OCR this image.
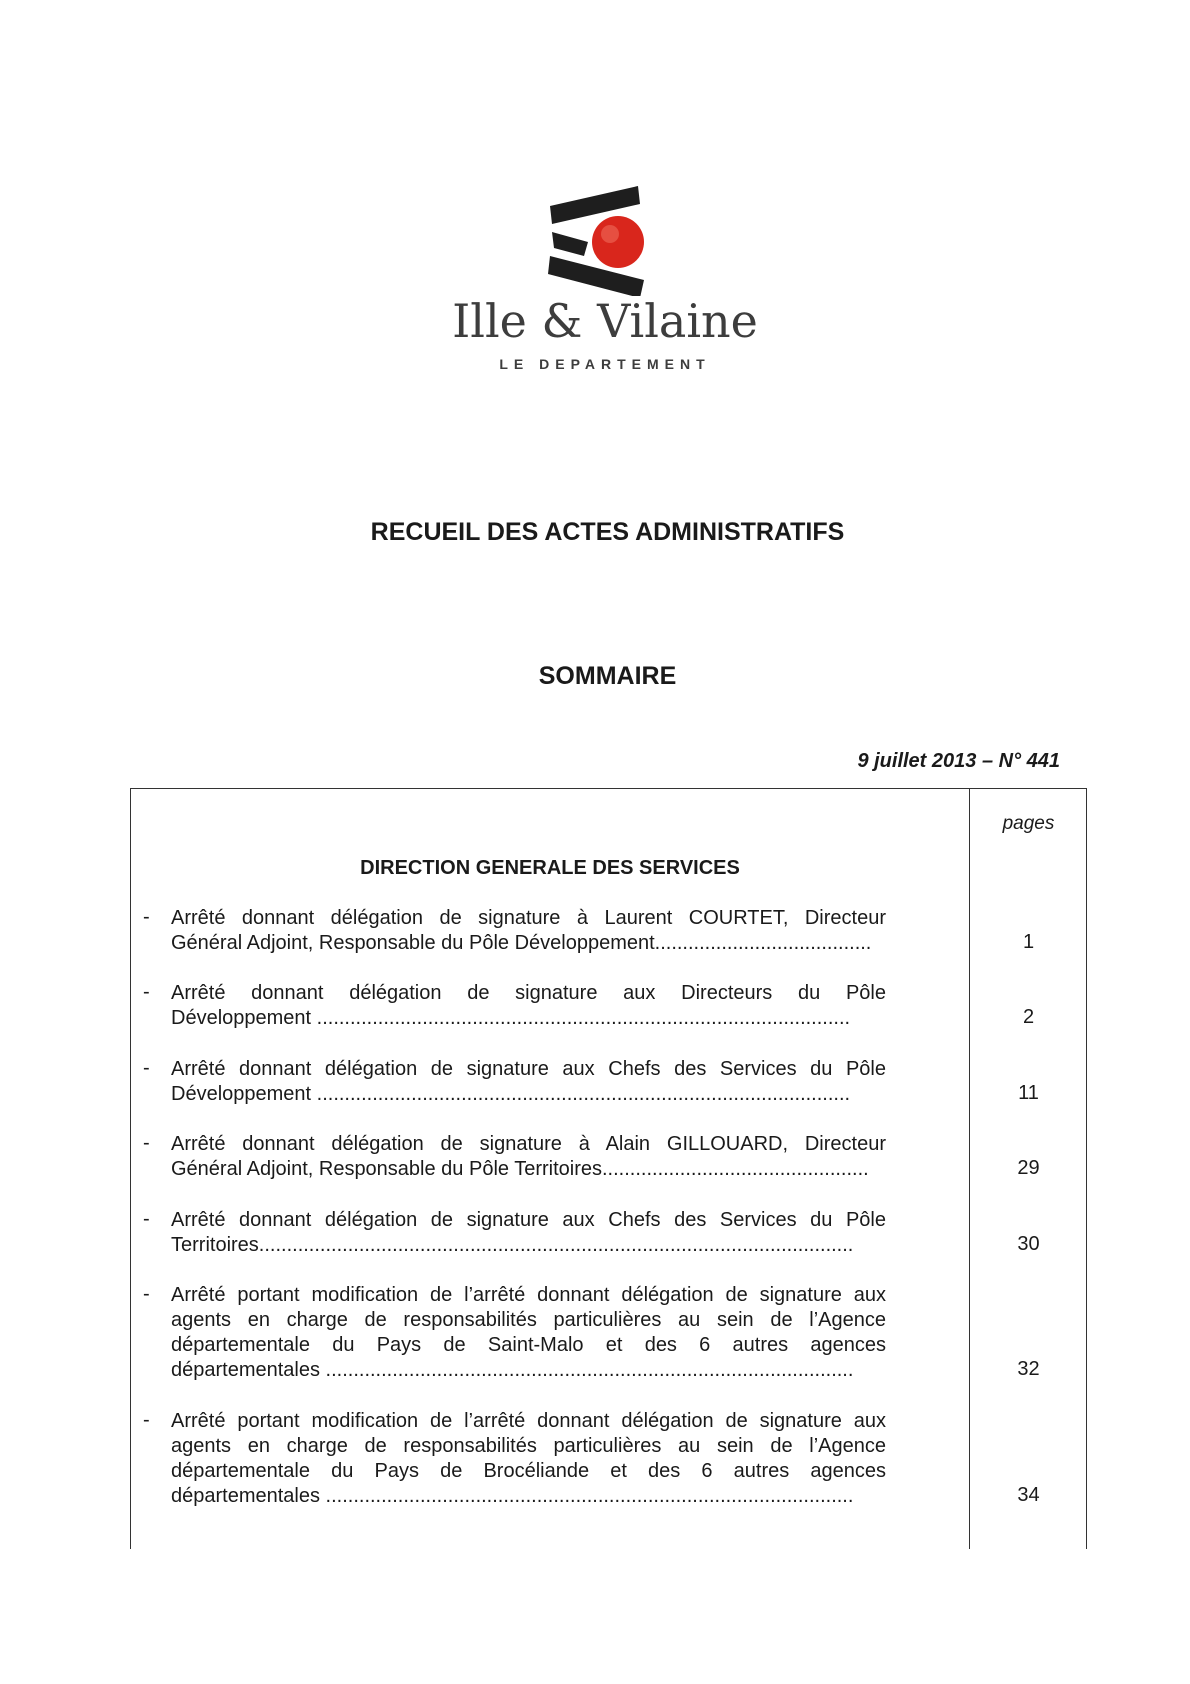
Ille & Vilaine
LE DEPARTEMENT
RECUEIL DES ACTES ADMINISTRATIFS
SOMMAIRE
9 juillet 2013 – N° 441
pages
DIRECTION GENERALE DES SERVICES
- Arrêté donnant délégation de signature à Laurent COURTET, Directeur
Général Adjoint, Responsable du Pôle Développement.......................................	1
- Arrêté donnant délégation de signature aux Directeurs du Pôle
Développement ................................................................................................	2
- Arrêté donnant délégation de signature aux Chefs des Services du Pôle
Développement ................................................................................................	11
- Arrêté donnant délégation de signature à Alain GILLOUARD, Directeur
Général Adjoint, Responsable du Pôle Territoires................................................	29
- Arrêté donnant délégation de signature aux Chefs des Services du Pôle
Territoires...........................................................................................................	30
- Arrêté portant modification de l’arrêté donnant délégation de signature aux
agents en charge de responsabilités particulières au sein de l’Agence
départementale du Pays de Saint-Malo et des 6 autres agences
départementales ...............................................................................................	32
- Arrêté portant modification de l’arrêté donnant délégation de signature aux
agents en charge de responsabilités particulières au sein de l’Agence
départementale du Pays de Brocéliande et des 6 autres agences
départementales ...............................................................................................	34
